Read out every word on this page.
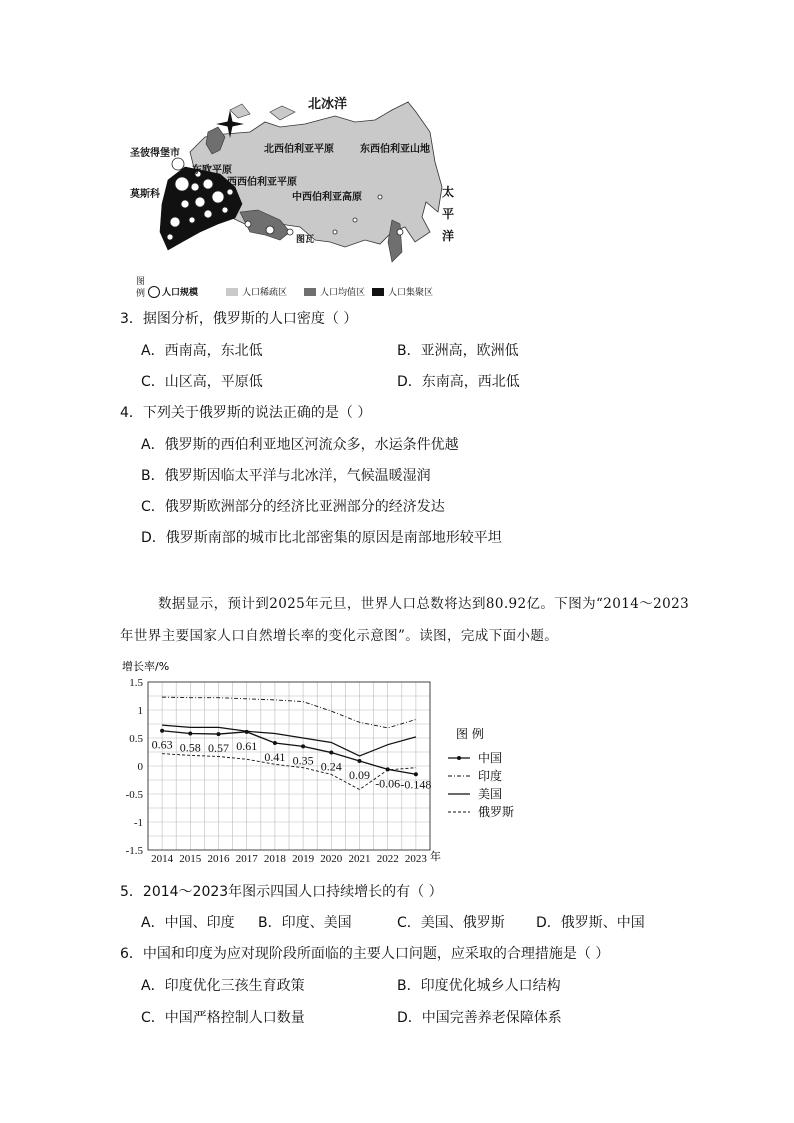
北冰洋
圣彼得堡市
莫斯科
东欧平原
西西伯利亚平原
北西伯利亚平原	东西伯利亚山地
中西伯利亚高原	太
平
洋
图瓦
图
例 人口规模	人口稀疏区	人口均值区	人口集聚区
3．据图分析，俄罗斯的人口密度（ ）
A．西南高，东北低	B．亚洲高，欧洲低
C．山区高，平原低	D．东南高，西北低
4．下列关于俄罗斯的说法正确的是（ ）
A．俄罗斯的西伯利亚地区河流众多，水运条件优越
B．俄罗斯因临太平洋与北冰洋，气候温暖湿润
C．俄罗斯欧洲部分的经济比亚洲部分的经济发达
D．俄罗斯南部的城市比北部密集的原因是南部地形较平坦
数据显示，预计到2025年元旦，世界人口总数将达到80.92亿。下图为“2014～2023
年世界主要国家人口自然增长率的变化示意图”。读图，完成下面小题。
增长率/%
1.5
1
0.5
0
-0.5
-1
-1.5
2014 2015 2016 2017 2018 2019 2020 2021 2022 2023
0.63 0.58 0.57 0.61
0.41 0.35 0.24
0.09
-0.06 -0.148
年
图 例
中国
印度
美国
俄罗斯
5．2014～2023年图示四国人口持续增长的有（ ）
A．中国、印度 B．印度、美国	C．美国、俄罗斯 D．俄罗斯、中国
6．中国和印度为应对现阶段所面临的主要人口问题，应采取的合理措施是（ ）
A．印度优化三孩生育政策	B．印度优化城乡人口结构
C．中国严格控制人口数量	D．中国完善养老保障体系
